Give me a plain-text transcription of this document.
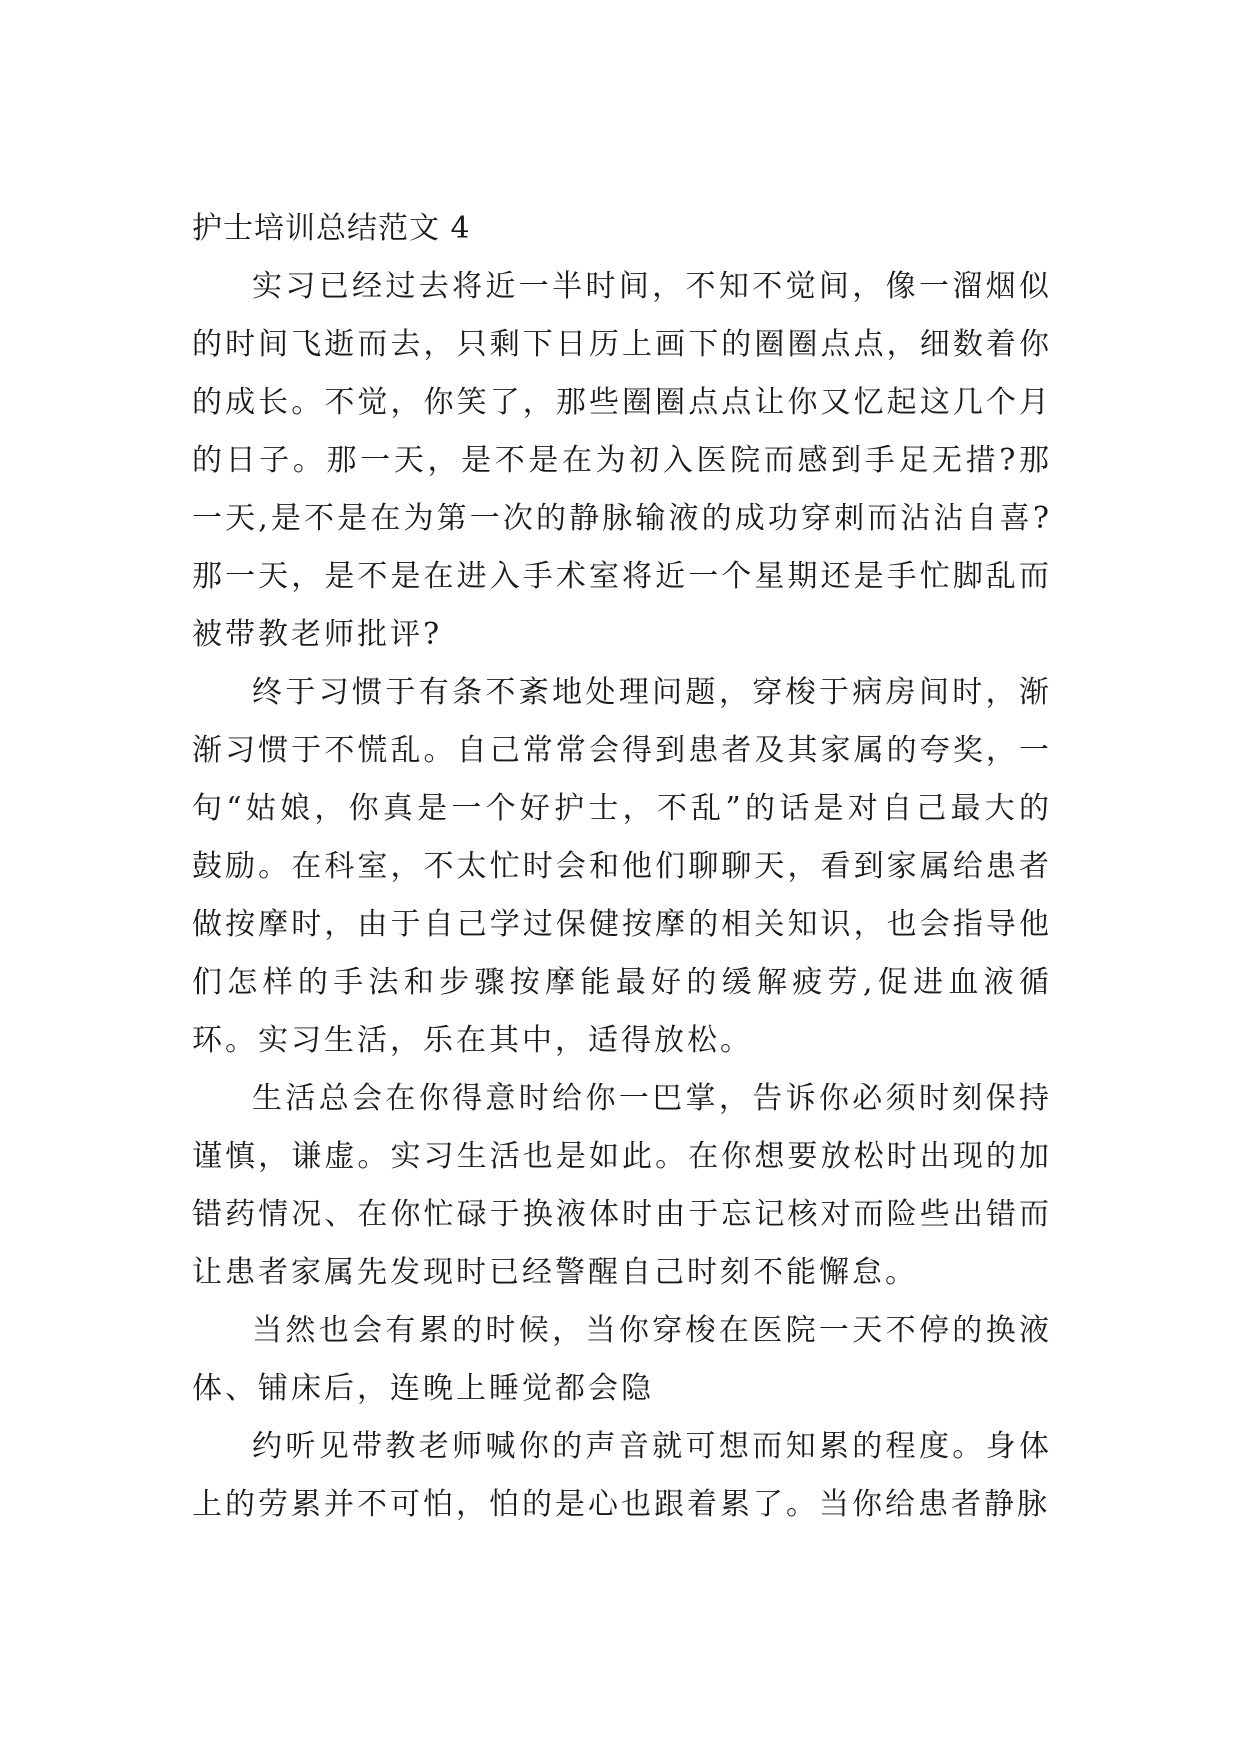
护士培训总结范文 4

实习已经过去将近一半时间，不知不觉间，像一溜烟似的时间飞逝而去，只剩下日历上画下的圈圈点点，细数着你的成长。不觉，你笑了，那些圈圈点点让你又忆起这几个月的日子。那一天，是不是在为初入医院而感到手足无措?那一天,是不是在为第一次的静脉输液的成功穿刺而沾沾自喜?那一天，是不是在进入手术室将近一个星期还是手忙脚乱而被带教老师批评?

终于习惯于有条不紊地处理问题，穿梭于病房间时，渐渐习惯于不慌乱。自己常常会得到患者及其家属的夸奖，一句“姑娘，你真是一个好护士，不乱”的话是对自己最大的鼓励。在科室，不太忙时会和他们聊聊天，看到家属给患者做按摩时，由于自己学过保健按摩的相关知识，也会指导他们怎样的手法和步骤按摩能最好的缓解疲劳,促进血液循环。实习生活，乐在其中，适得放松。

生活总会在你得意时给你一巴掌，告诉你必须时刻保持谨慎，谦虚。实习生活也是如此。在你想要放松时出现的加错药情况、在你忙碌于换液体时由于忘记核对而险些出错而让患者家属先发现时已经警醒自己时刻不能懈怠。

当然也会有累的时候，当你穿梭在医院一天不停的换液体、铺床后，连晚上睡觉都会隐

约听见带教老师喊你的声音就可想而知累的程度。身体上的劳累并不可怕，怕的是心也跟着累了。当你给患者静脉
